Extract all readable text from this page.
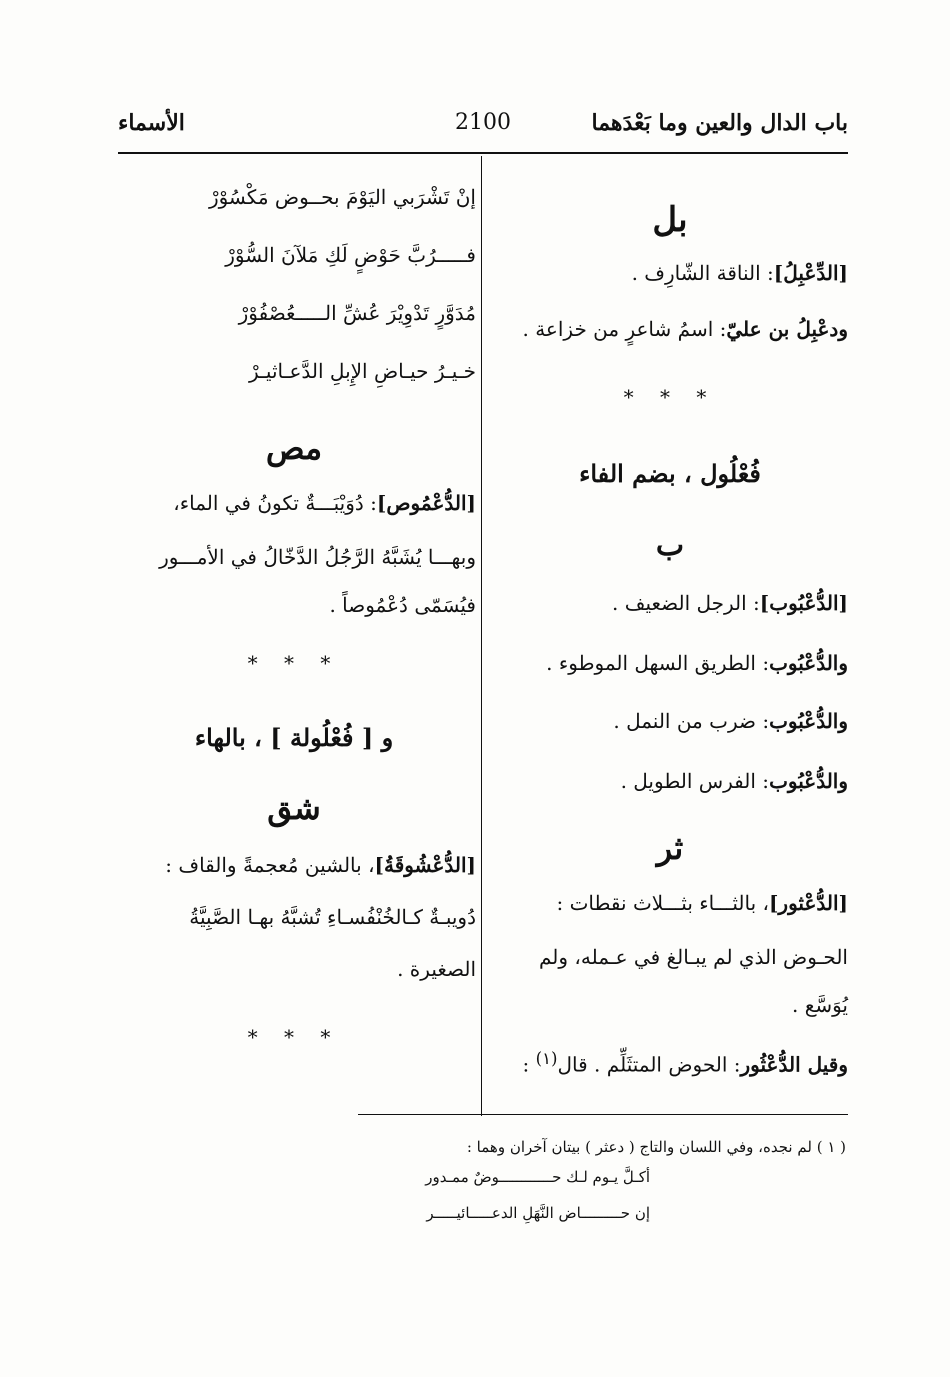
باب الدال والعين وما بَعْدَهما
2100
الأسماء
بل
[الدِّعْبِلُ]: الناقة الشّارِف .
ودعْبِلُ بن عليّ: اسمُ شاعرٍ من خزاعة .
* * *
فُعْلُول ، بضم الفاء
ب
[الدُّعْبُوب]: الرجل الضعيف .
والدُّعْبُوب: الطريق السهل الموطوء .
والدُّعْبُوب: ضرب من النمل .
والدُّعْبُوب: الفرس الطويل .
ثر
[الدُّعْثور]، بالثـــاء بثـــلاث نقطات :
الحـوض الذي لم يبـالغ في عـمله، ولم
يُوَسَّع .
وقيل الدُّعْثُور: الحوض المتثَلِّم . قال$^{(١)}$ :
إنْ تَشْرَبي اليَوْمَ بحــوض مَكْسُوْرْ
فـــــرُبَّ حَوْضٍ لَكِ مَلآنَ السُّوْرْ
مُدَوَّرٍ تَدْوِيْرَ عُشِّ الـــــعُصْفُوْرْ
خـيـرُ حيـاضِ الإِبلِ الدَّعـاثيـرْ
مص
[الدُّعْمُوص]: دُوَيْبَـــةٌ تكونُ في الماء،
وبهـــا يُشَبَّهُ الرَّجُلُ الدَّخّالُ في الأمـــور
فيُسَمّى دُعْمُوصاً .
* * *
و [ فُعْلُولة ] ، بالهاء
شق
[الدُّعْشُوقَةُ]، بالشين مُعجمةً والقاف :
دُويبـةٌ كـالخُنْفُسـاءِ تُشبَّهُ بهـا الصَّبِيَّةُ
الصغيرة .
* * *
( ١ ) لم نجده، وفي اللسان والتاج ( دعثر ) بيتان آخران وهما :
أكـلَّ يـوم لـك حــــــــــــوضٌ ممـدور
إن حـــــــــاض النَّهَلِ الدعـــــائيـــــر
